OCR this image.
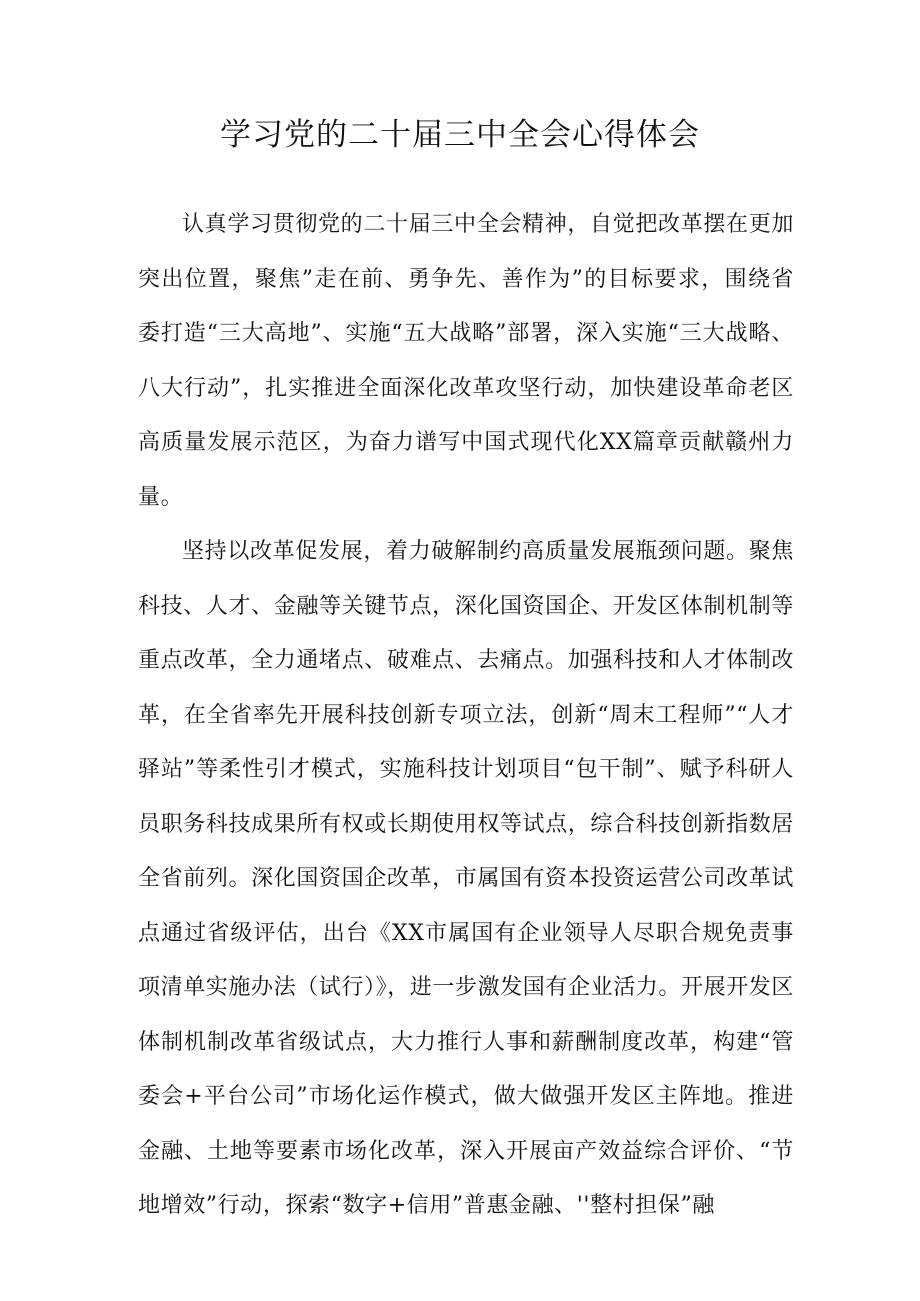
学习党的二十届三中全会心得体会

认真学习贯彻党的二十届三中全会精神，自觉把改革摆在更加突出位置，聚焦”走在前、勇争先、善作为”的目标要求，围绕省委打造“三大高地”、实施“五大战略”部署，深入实施“三大战略、八大行动”，扎实推进全面深化改革攻坚行动，加快建设革命老区高质量发展示范区，为奋力谱写中国式现代化XX篇章贡献赣州力量。

坚持以改革促发展，着力破解制约高质量发展瓶颈问题。聚焦科技、人才、金融等关键节点，深化国资国企、开发区体制机制等重点改革，全力通堵点、破难点、去痛点。加强科技和人才体制改革，在全省率先开展科技创新专项立法，创新“周末工程师”“人才驿站”等柔性引才模式，实施科技计划项目“包干制”、赋予科研人员职务科技成果所有权或长期使用权等试点，综合科技创新指数居全省前列。深化国资国企改革，市属国有资本投资运营公司改革试点通过省级评估，出台《XX市属国有企业领导人尽职合规免责事项清单实施办法（试行）》，进一步激发国有企业活力。开展开发区体制机制改革省级试点，大力推行人事和薪酬制度改革，构建“管委会+平台公司”市场化运作模式，做大做强开发区主阵地。推进金融、土地等要素市场化改革，深入开展亩产效益综合评价、“节地增效”行动，探索“数字+信用”普惠金融、''整村担保”融
